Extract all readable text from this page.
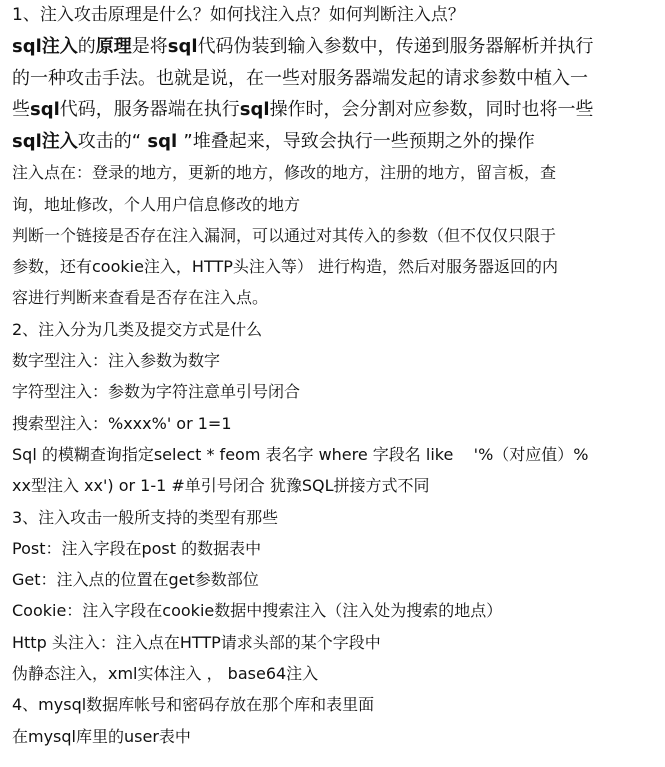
1、注入攻击原理是什么？如何找注入点？如何判断注入点？
sql注入的原理是将sql代码伪装到输入参数中，传递到服务器解析并执行
的一种攻击手法。也就是说，在一些对服务器端发起的请求参数中植入一
些sql代码，服务器端在执行sql操作时，会分割对应参数，同时也将一些
sql注入攻击的“ sql ”堆叠起来，导致会执行一些预期之外的操作
注入点在：登录的地方，更新的地方，修改的地方，注册的地方，留言板，查
询，地址修改，个人用户信息修改的地方
判断一个链接是否存在注入漏洞，可以通过对其传入的参数（但不仅仅只限于
参数，还有cookie注入，HTTP头注入等） 进行构造，然后对服务器返回的内
容进行判断来查看是否存在注入点。
2、注入分为几类及提交方式是什么
数字型注入：注入参数为数字
字符型注入：参数为字符注意单引号闭合
搜索型注入：%xxx%' or 1=1
Sql 的模糊查询指定select * feom 表名字 where 字段名 like    '%（对应值）%
xx型注入 xx') or 1-1 #单引号闭合 犹豫SQL拼接方式不同
3、注入攻击一般所支持的类型有那些
Post：注入字段在post 的数据表中
Get：注入点的位置在get参数部位
Cookie：注入字段在cookie数据中搜索注入（注入处为搜索的地点）
Http 头注入：注入点在HTTP请求头部的某个字段中
伪静态注入，xml实体注入 ， base64注入
4、mysql数据库帐号和密码存放在那个库和表里面
在mysql库里的user表中
